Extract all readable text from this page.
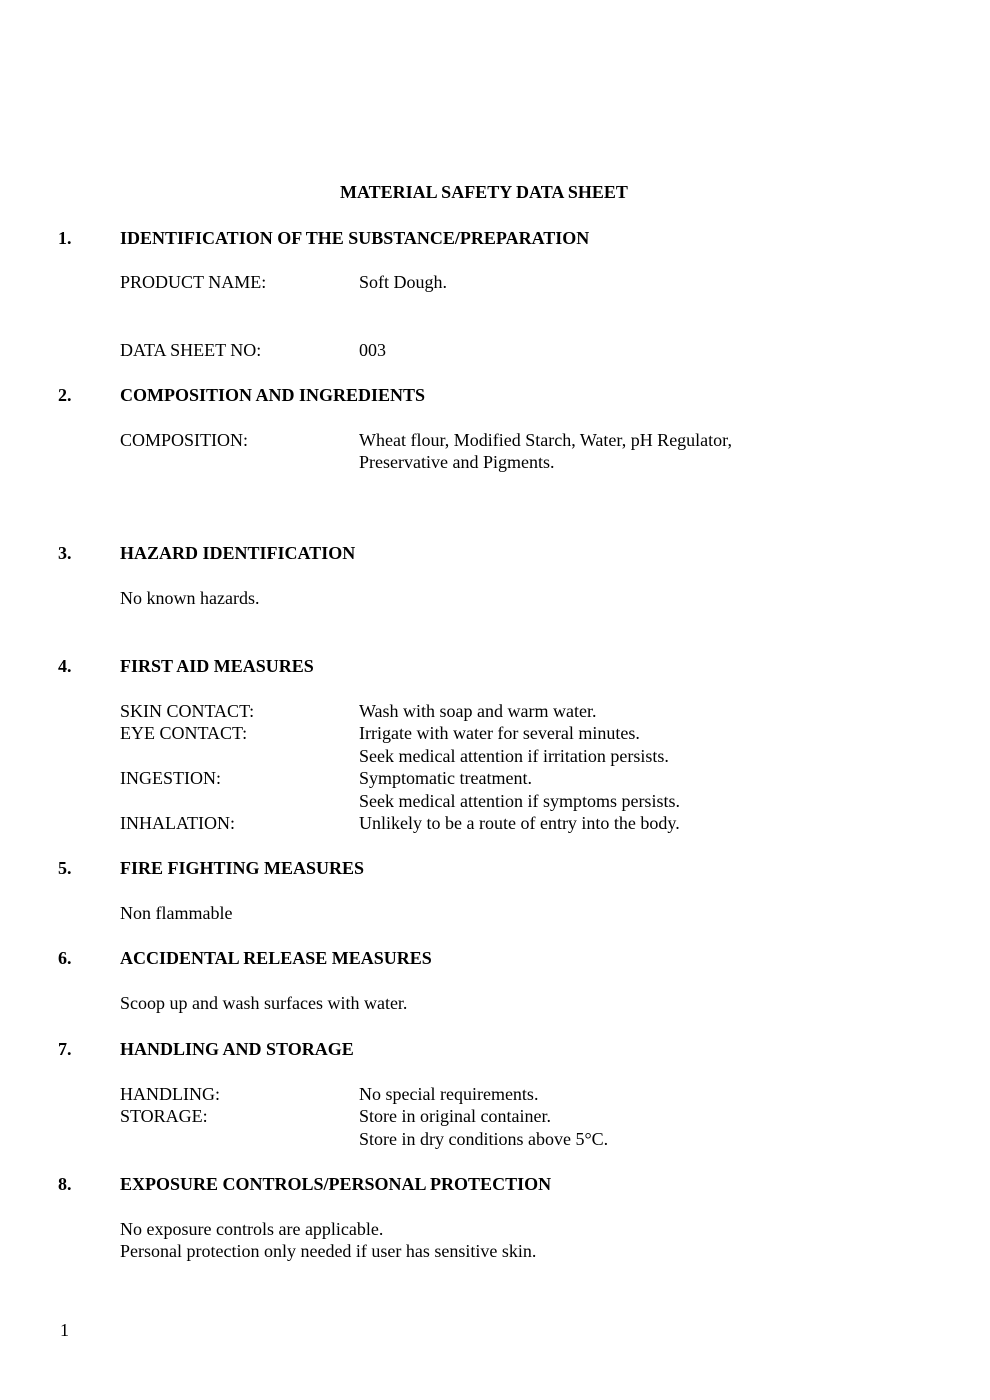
MATERIAL SAFETY DATA SHEET
1.	IDENTIFICATION OF THE SUBSTANCE/PREPARATION
PRODUCT NAME:	Soft Dough.
DATA SHEET NO:	003
2.	COMPOSITION AND INGREDIENTS
COMPOSITION:	Wheat flour, Modified Starch, Water, pH Regulator,
Preservative and Pigments.
3.	HAZARD IDENTIFICATION
No known hazards.
4.	FIRST AID MEASURES
SKIN CONTACT:	Wash with soap and warm water.
EYE CONTACT:	Irrigate with water for several minutes.
Seek medical attention if irritation persists.
INGESTION:	Symptomatic treatment.
Seek medical attention if symptoms persists.
INHALATION:	Unlikely to be a route of entry into the body.
5.	FIRE FIGHTING MEASURES
Non flammable
6.	ACCIDENTAL RELEASE MEASURES
Scoop up and wash surfaces with water.
7.	HANDLING AND STORAGE
HANDLING:	No special requirements.
STORAGE:	Store in original container.
Store in dry conditions above 5°C.
8.	EXPOSURE CONTROLS/PERSONAL PROTECTION
No exposure controls are applicable.
Personal protection only needed if user has sensitive skin.
1
